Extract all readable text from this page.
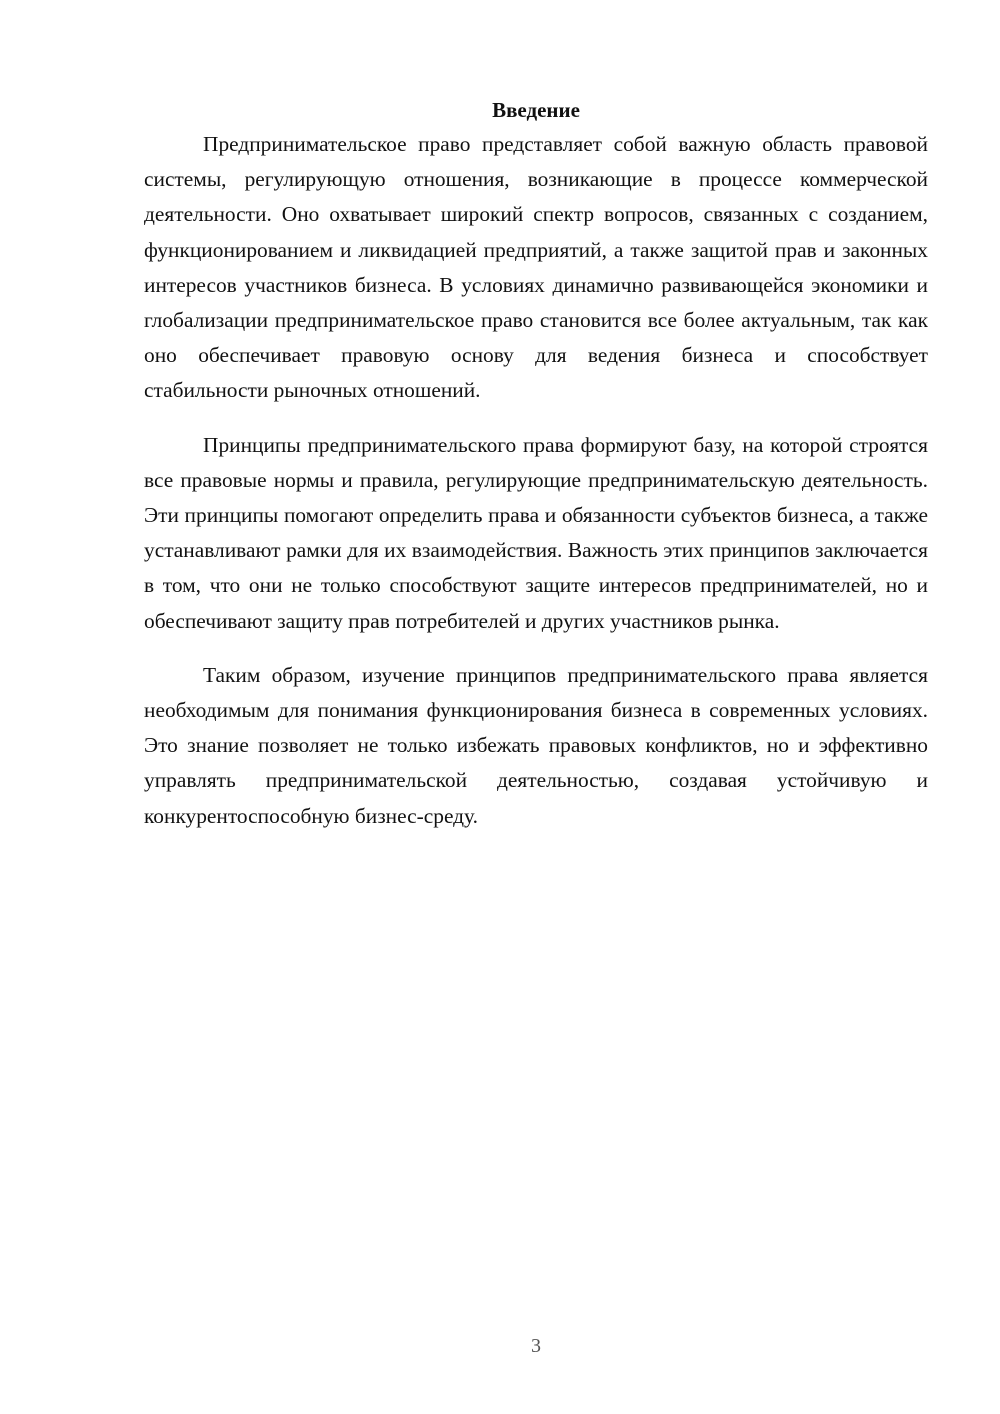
Введение

Предпринимательское право представляет собой важную область правовой системы, регулирующую отношения, возникающие в процессе коммерческой деятельности. Оно охватывает широкий спектр вопросов, связанных с созданием, функционированием и ликвидацией предприятий, а также защитой прав и законных интересов участников бизнеса. В условиях динамично развивающейся экономики и глобализации предпринимательское право становится все более актуальным, так как оно обеспечивает правовую основу для ведения бизнеса и способствует стабильности рыночных отношений.

Принципы предпринимательского права формируют базу, на которой строятся все правовые нормы и правила, регулирующие предпринимательскую деятельность. Эти принципы помогают определить права и обязанности субъектов бизнеса, а также устанавливают рамки для их взаимодействия. Важность этих принципов заключается в том, что они не только способствуют защите интересов предпринимателей, но и обеспечивают защиту прав потребителей и других участников рынка.

Таким образом, изучение принципов предпринимательского права является необходимым для понимания функционирования бизнеса в современных условиях. Это знание позволяет не только избежать правовых конфликтов, но и эффективно управлять предпринимательской деятельностью, создавая устойчивую и конкурентоспособную бизнес-среду.

3
